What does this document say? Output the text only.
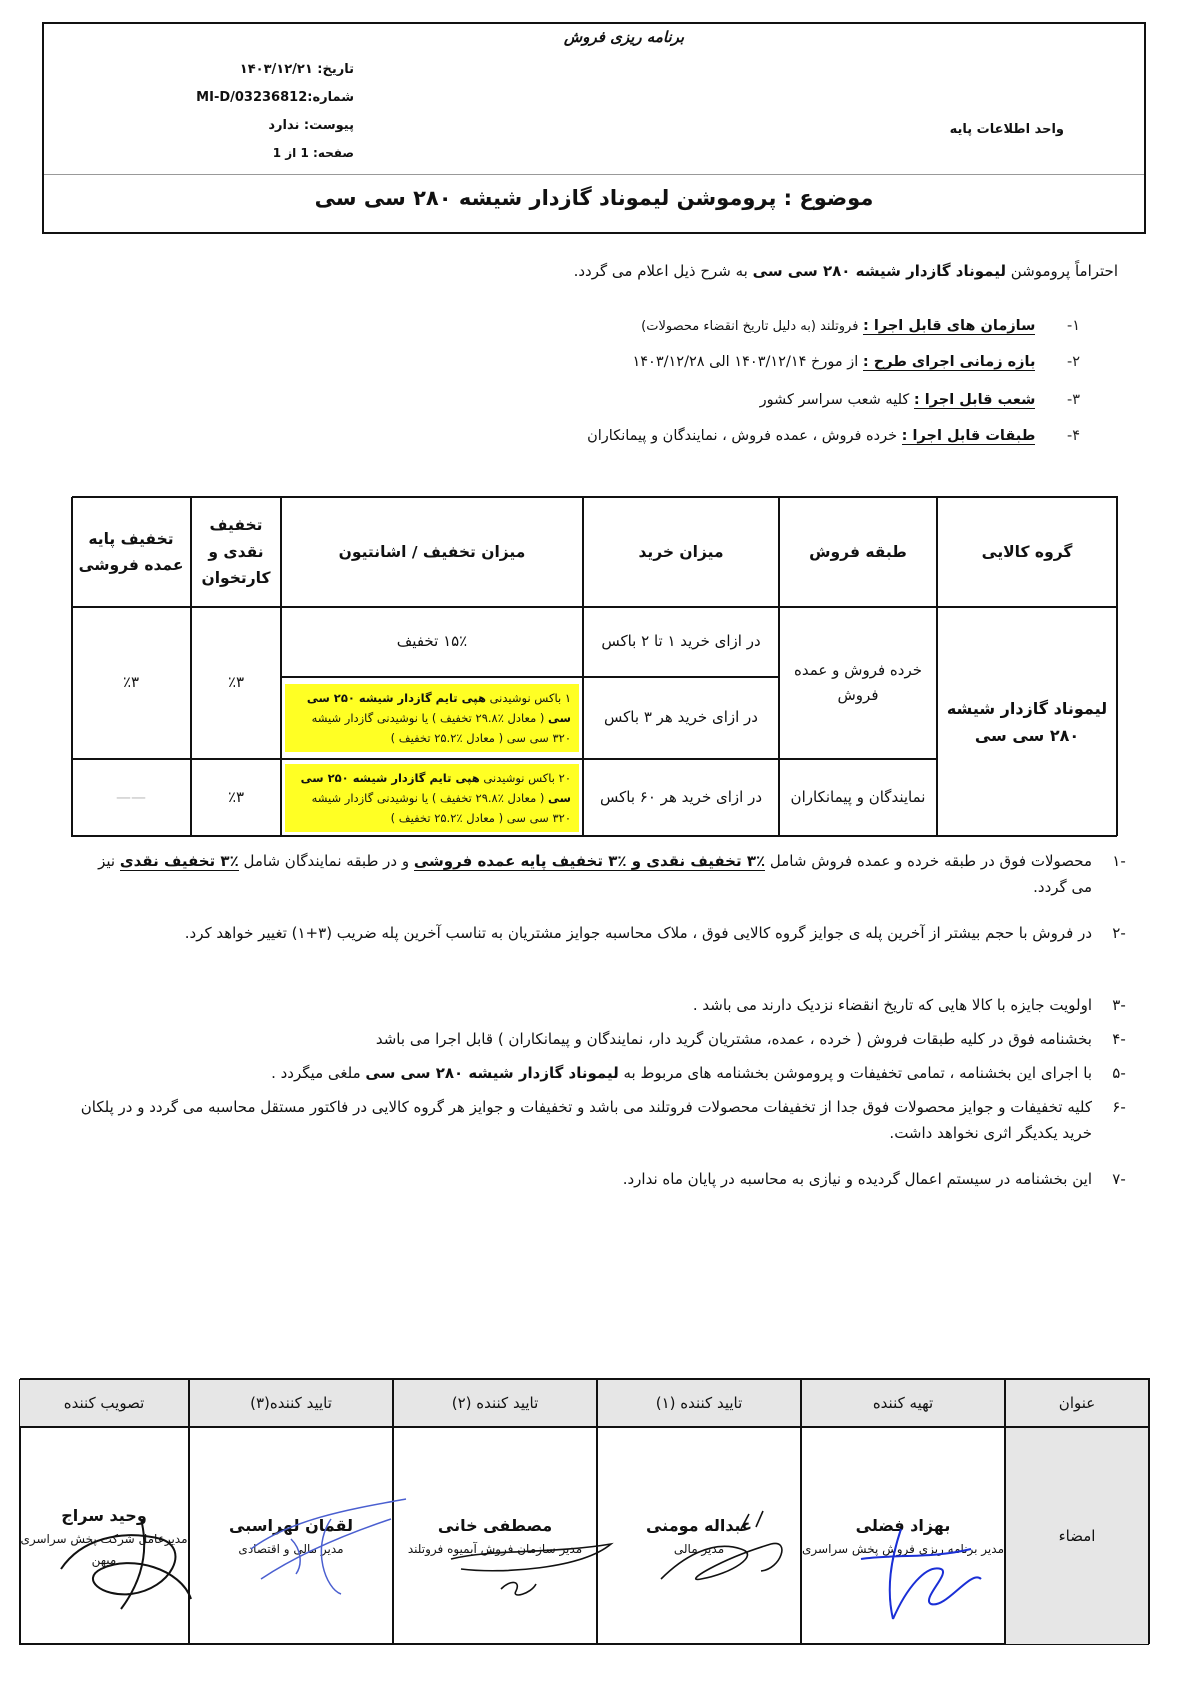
برنامه ریزی فروش
تاریخ: ۱۴۰۳/۱۲/۲۱
شماره:MI-D/03236812
پیوست: ندارد
صفحه: 1 از 1
واحد اطلاعات پایه
موضوع : پروموشن لیموناد گازدار شیشه ۲۸۰ سی سی
احتراماً پروموشن لیموناد گازدار شیشه ۲۸۰ سی سی به شرح ذیل اعلام می گردد.
۱- سازمان های قابل اجرا : فروتلند (به دلیل تاریخ انقضاء محصولات)
۲- بازه زمانی اجرای طرح : از مورخ ۱۴۰۳/۱۲/۱۴ الی ۱۴۰۳/۱۲/۲۸
۳- شعب قابل اجرا : کلیه شعب سراسر کشور
۴- طبقات قابل اجرا : خرده فروش ، عمده فروش ، نمایندگان و پیمانکاران
گروه کالایی
طبقه فروش
میزان خرید
میزان تخفیف / اشانتیون
تخفیف نقدی و کارتخوان
تخفیف پایه عمده فروشی
لیموناد گازدار شیشه ۲۸۰ سی سی
خرده فروش و عمده فروش
نمایندگان و پیمانکاران
در ازای خرید ۱ تا ۲ باکس
در ازای خرید هر ۳ باکس
در ازای خرید هر ۶۰ باکس
۱۵٪ تخفیف
۱ باکس نوشیدنی هپی تایم گازدار شیشه ۲۵۰ سی سی ( معادل ٪۲۹.۸ تخفیف ) یا نوشیدنی گازدار شیشه ۳۲۰ سی سی ( معادل ٪۲۵.۲ تخفیف )
۲۰ باکس نوشیدنی هپی تایم گازدار شیشه ۲۵۰ سی سی ( معادل ٪۲۹.۸ تخفیف ) یا نوشیدنی گازدار شیشه ۳۲۰ سی سی ( معادل ٪۲۵.۲ تخفیف )
٪۳
٪۳
٪۳
——
-۱
محصولات فوق در طبقه خرده و عمده فروش شامل ٪۳ تخفیف نقدی و ٪۳ تخفیف پایه عمده فروشی و در طبقه نمایندگان شامل ٪۳ تخفیف نقدی نیز می گردد.
-۲
در فروش با حجم بیشتر از آخرین پله ی جوایز گروه کالایی فوق ، ملاک محاسبه جوایز مشتریان به تناسب آخرین پله ضریب (۳+۱) تغییر خواهد کرد.
-۳
اولویت جایزه با کالا هایی که تاریخ انقضاء نزدیک دارند می باشد .
-۴
بخشنامه فوق در کلیه طبقات فروش ( خرده ، عمده، مشتریان گرید دار، نمایندگان و پیمانکاران ) قابل اجرا می باشد
-۵
با اجرای این بخشنامه ، تمامی تخفیفات و پروموشن بخشنامه های مربوط به لیموناد گازدار شیشه ۲۸۰ سی سی ملغی میگردد .
-۶
کلیه تخفیفات و جوایز محصولات فوق جدا از تخفیفات محصولات فروتلند می باشد و تخفیفات و جوایز هر گروه کالایی در فاکتور مستقل محاسبه می گردد و در پلکان خرید یکدیگر اثری نخواهد داشت.
-۷
این بخشنامه در سیستم اعمال گردیده و نیازی به محاسبه در پایان ماه ندارد.
عنوان
تهیه کننده
تایید کننده (۱)
تایید کننده (۲)
تایید کننده(۳)
تصویب کننده
امضاء
بهزاد فضلی
مدیر برنامه ریزی فروش پخش سراسری
عبداله مومنی
مدیر مالی
مصطفی خانی
مدیر سازمان فروش آبمیوه فروتلند
لقمان لهراسبی
مدیر مالی و اقتصادی
وحید سراج
مدیرعامل شرکت پخش سراسری میهن
